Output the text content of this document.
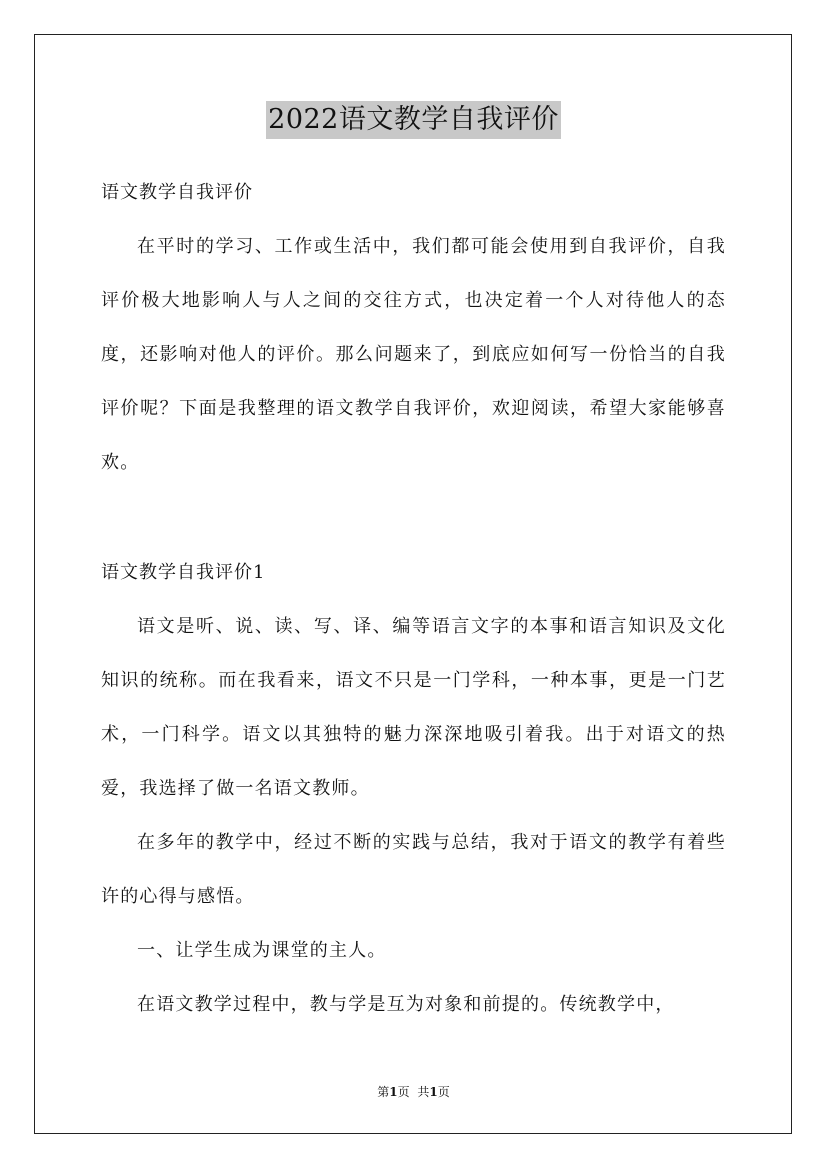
2022语文教学自我评价
语文教学自我评价

在平时的学习、工作或生活中，我们都可能会使用到自我评价，自我评价极大地影响人与人之间的交往方式，也决定着一个人对待他人的态度，还影响对他人的评价。那么问题来了，到底应如何写一份恰当的自我评价呢？下面是我整理的语文教学自我评价，欢迎阅读，希望大家能够喜欢。

语文教学自我评价1

语文是听、说、读、写、译、编等语言文字的本事和语言知识及文化知识的统称。而在我看来，语文不只是一门学科，一种本事，更是一门艺术，一门科学。语文以其独特的魅力深深地吸引着我。出于对语文的热爱，我选择了做一名语文教师。

在多年的教学中，经过不断的实践与总结，我对于语文的教学有着些许的心得与感悟。

一、让学生成为课堂的主人。

在语文教学过程中，教与学是互为对象和前提的。传统教学中，

第1页 共1页
